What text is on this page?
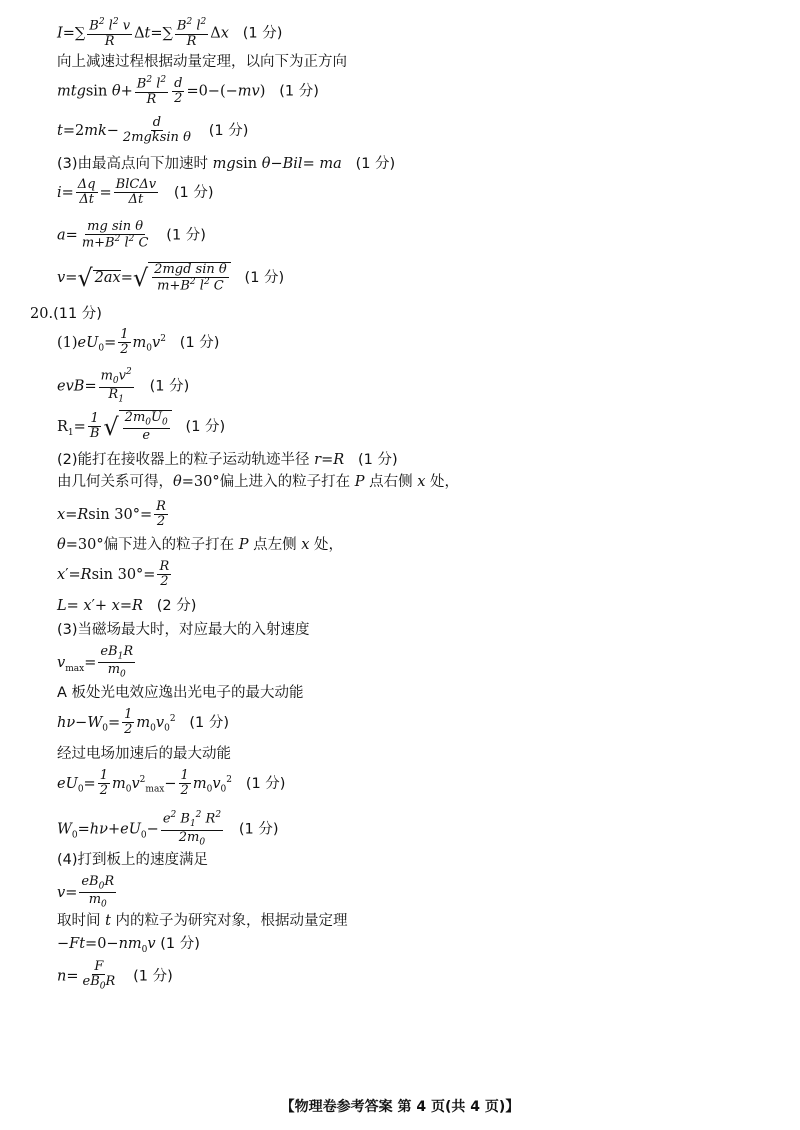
$I=\sum \frac{B^2 l^2 v}{R} \Delta t=\sum \frac{B^2 l^2}{R}$ Δx (1 分)
向上减速过程根据动量定理，以向下为正方向
mtgsin $\theta+ \frac{B^2 l^2}{R} \frac{d}{2} =0-(-mv)$   (1 分)
t=2mk−
d
2mgksin θ (1 分)
(3)由最高点向下加速时 mgsin θ−Bil= ma (1 分)
$i= \frac{\Delta q}{\Delta t}$ =
BlCΔv
Δt (1 分)
$a= \frac{\text{mg sin θ}}{m+B^2 l^2 C} (1$ 分)
v= √ 2ax = √ 2mgd sin θ
$m+B^2$ $l^2$ C
(1 分)
20.(11 分)
$(1)eU_0= \frac{1}{2} m_0v^2$ (1 分)
$evB= \frac{m_0v^2}{R_1} (1$ 分)
$R_1= \frac{1}{B}$ √ $2m_0U_0$
e
(1 分)
(2)能打在接收器上的粒子运动轨迹半径 r=R (1 分)
由几何关系可得，θ=30°偏上进入的粒子打在 P 点右侧 x 处，
x=Rsin $30^\circ= \frac{R}{2}$
θ=30°偏下进入的粒子打在 P 点左侧 x 处，
x′=Rsin $30^\circ= \frac{R}{2}$
L= x′+ x=R (2 分)
(3)当磁场最大时，对应最大的入射速度
$v_{max}= \frac{eB_1R}{m_0}$
A 板处光电效应逸出光电子的最大动能
$h\nu-W_0= \frac{1}{2} m_0v_0^2$ (1 分)
经过电场加速后的最大动能
$eU_0= \frac{1}{2} m_0v^2_{max}- \frac{1}{2} m_0v_0^2$ (1 分)
$W_0=h\nu+eU_0- \frac{e^2 B_1^2 R^2}{2m_0} (1$ 分)
(4)打到板上的速度满足
$v= \frac{eB_0R}{m_0}$
取时间 t 内的粒子为研究对象，根据动量定理
$-Ft=0-nm_0v$ (1 分)
$n= \frac{F}{eB_0R} (1$ 分)
【物理卷参考答案 第 4 页(共 4 页)】
